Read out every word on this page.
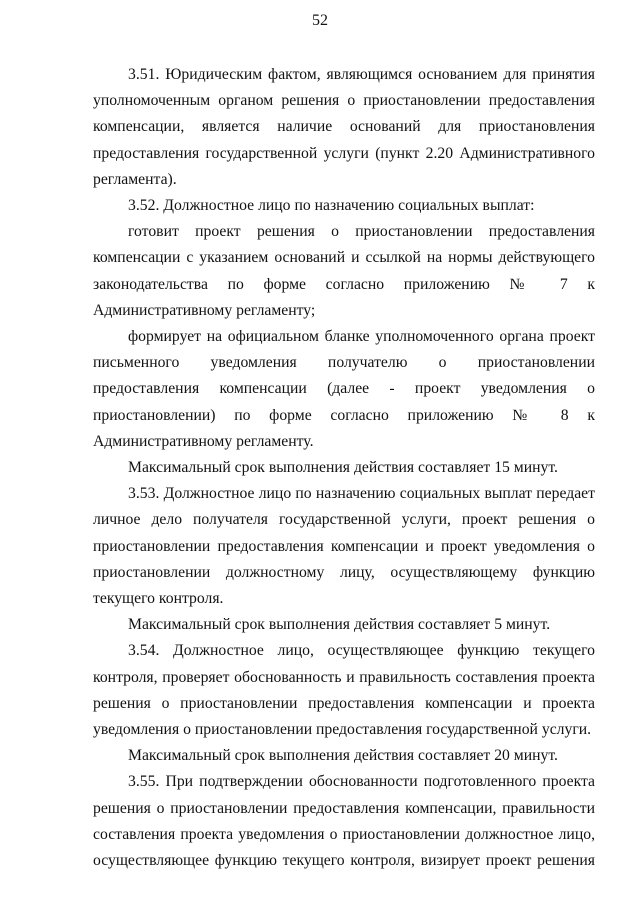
52

3.51. Юридическим фактом, являющимся основанием для принятия уполномоченным органом решения о приостановлении предоставления компенсации, является наличие оснований для приостановления предоставления государственной услуги (пункт 2.20 Административного регламента).

3.52. Должностное лицо по назначению социальных выплат:

готовит проект решения о приостановлении предоставления компенсации с указанием оснований и ссылкой на нормы действующего законодательства по форме согласно приложению № 7 к Административному регламенту;

формирует на официальном бланке уполномоченного органа проект письменного уведомления получателю о приостановлении предоставления компенсации (далее - проект уведомления о приостановлении) по форме согласно приложению № 8 к Административному регламенту.

Максимальный срок выполнения действия составляет 15 минут.

3.53. Должностное лицо по назначению социальных выплат передает личное дело получателя государственной услуги, проект решения о приостановлении предоставления компенсации и проект уведомления о приостановлении должностному лицу, осуществляющему функцию текущего контроля.

Максимальный срок выполнения действия составляет 5 минут.

3.54. Должностное лицо, осуществляющее функцию текущего контроля, проверяет обоснованность и правильность составления проекта решения о приостановлении предоставления компенсации и проекта уведомления о приостановлении предоставления государственной услуги.

Максимальный срок выполнения действия составляет 20 минут.

3.55. При подтверждении обоснованности подготовленного проекта решения о приостановлении предоставления компенсации, правильности составления проекта уведомления о приостановлении должностное лицо, осуществляющее функцию текущего контроля, визирует проект решения
